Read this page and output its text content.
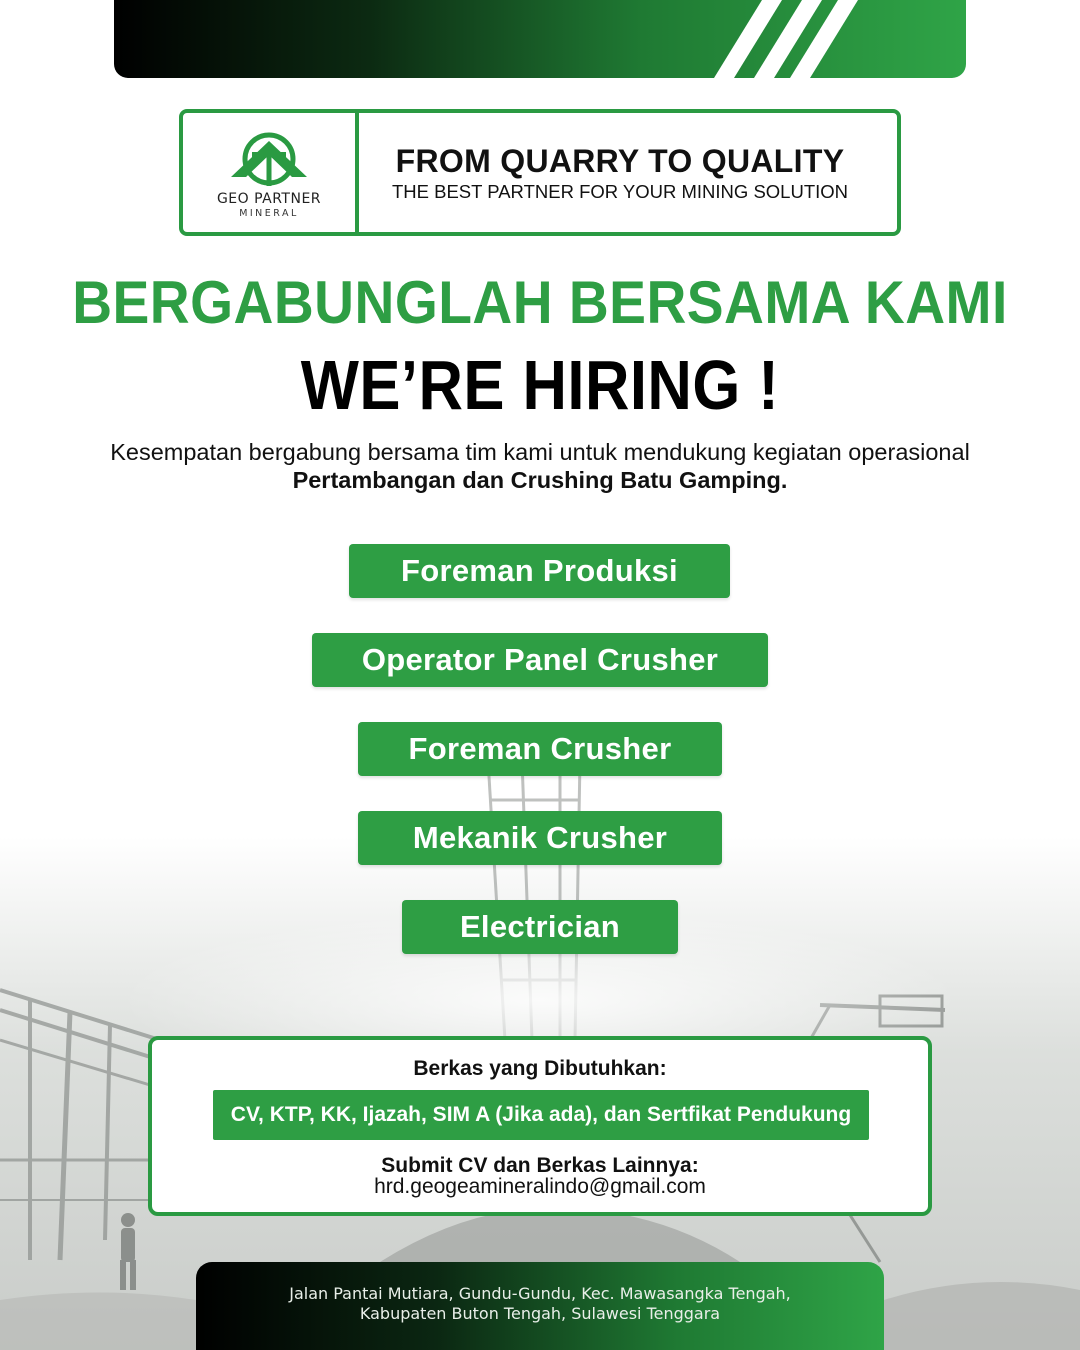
GEO PARTNER
MINERAL
FROM QUARRY TO QUALITY
THE BEST PARTNER FOR YOUR MINING SOLUTION
BERGABUNGLAH BERSAMA KAMI
WE’RE HIRING !
Kesempatan bergabung bersama tim kami untuk mendukung kegiatan operasional
Pertambangan dan Crushing Batu Gamping.
Foreman Produksi
Operator Panel Crusher
Foreman Crusher
Mekanik Crusher
Electrician
Berkas yang Dibutuhkan:
CV, KTP, KK, Ijazah, SIM A (Jika ada), dan Sertfikat Pendukung
Submit CV dan Berkas Lainnya:
hrd.geogeamineralindo@gmail.com
Jalan Pantai Mutiara, Gundu-Gundu, Kec. Mawasangka Tengah,
Kabupaten Buton Tengah, Sulawesi Tenggara
